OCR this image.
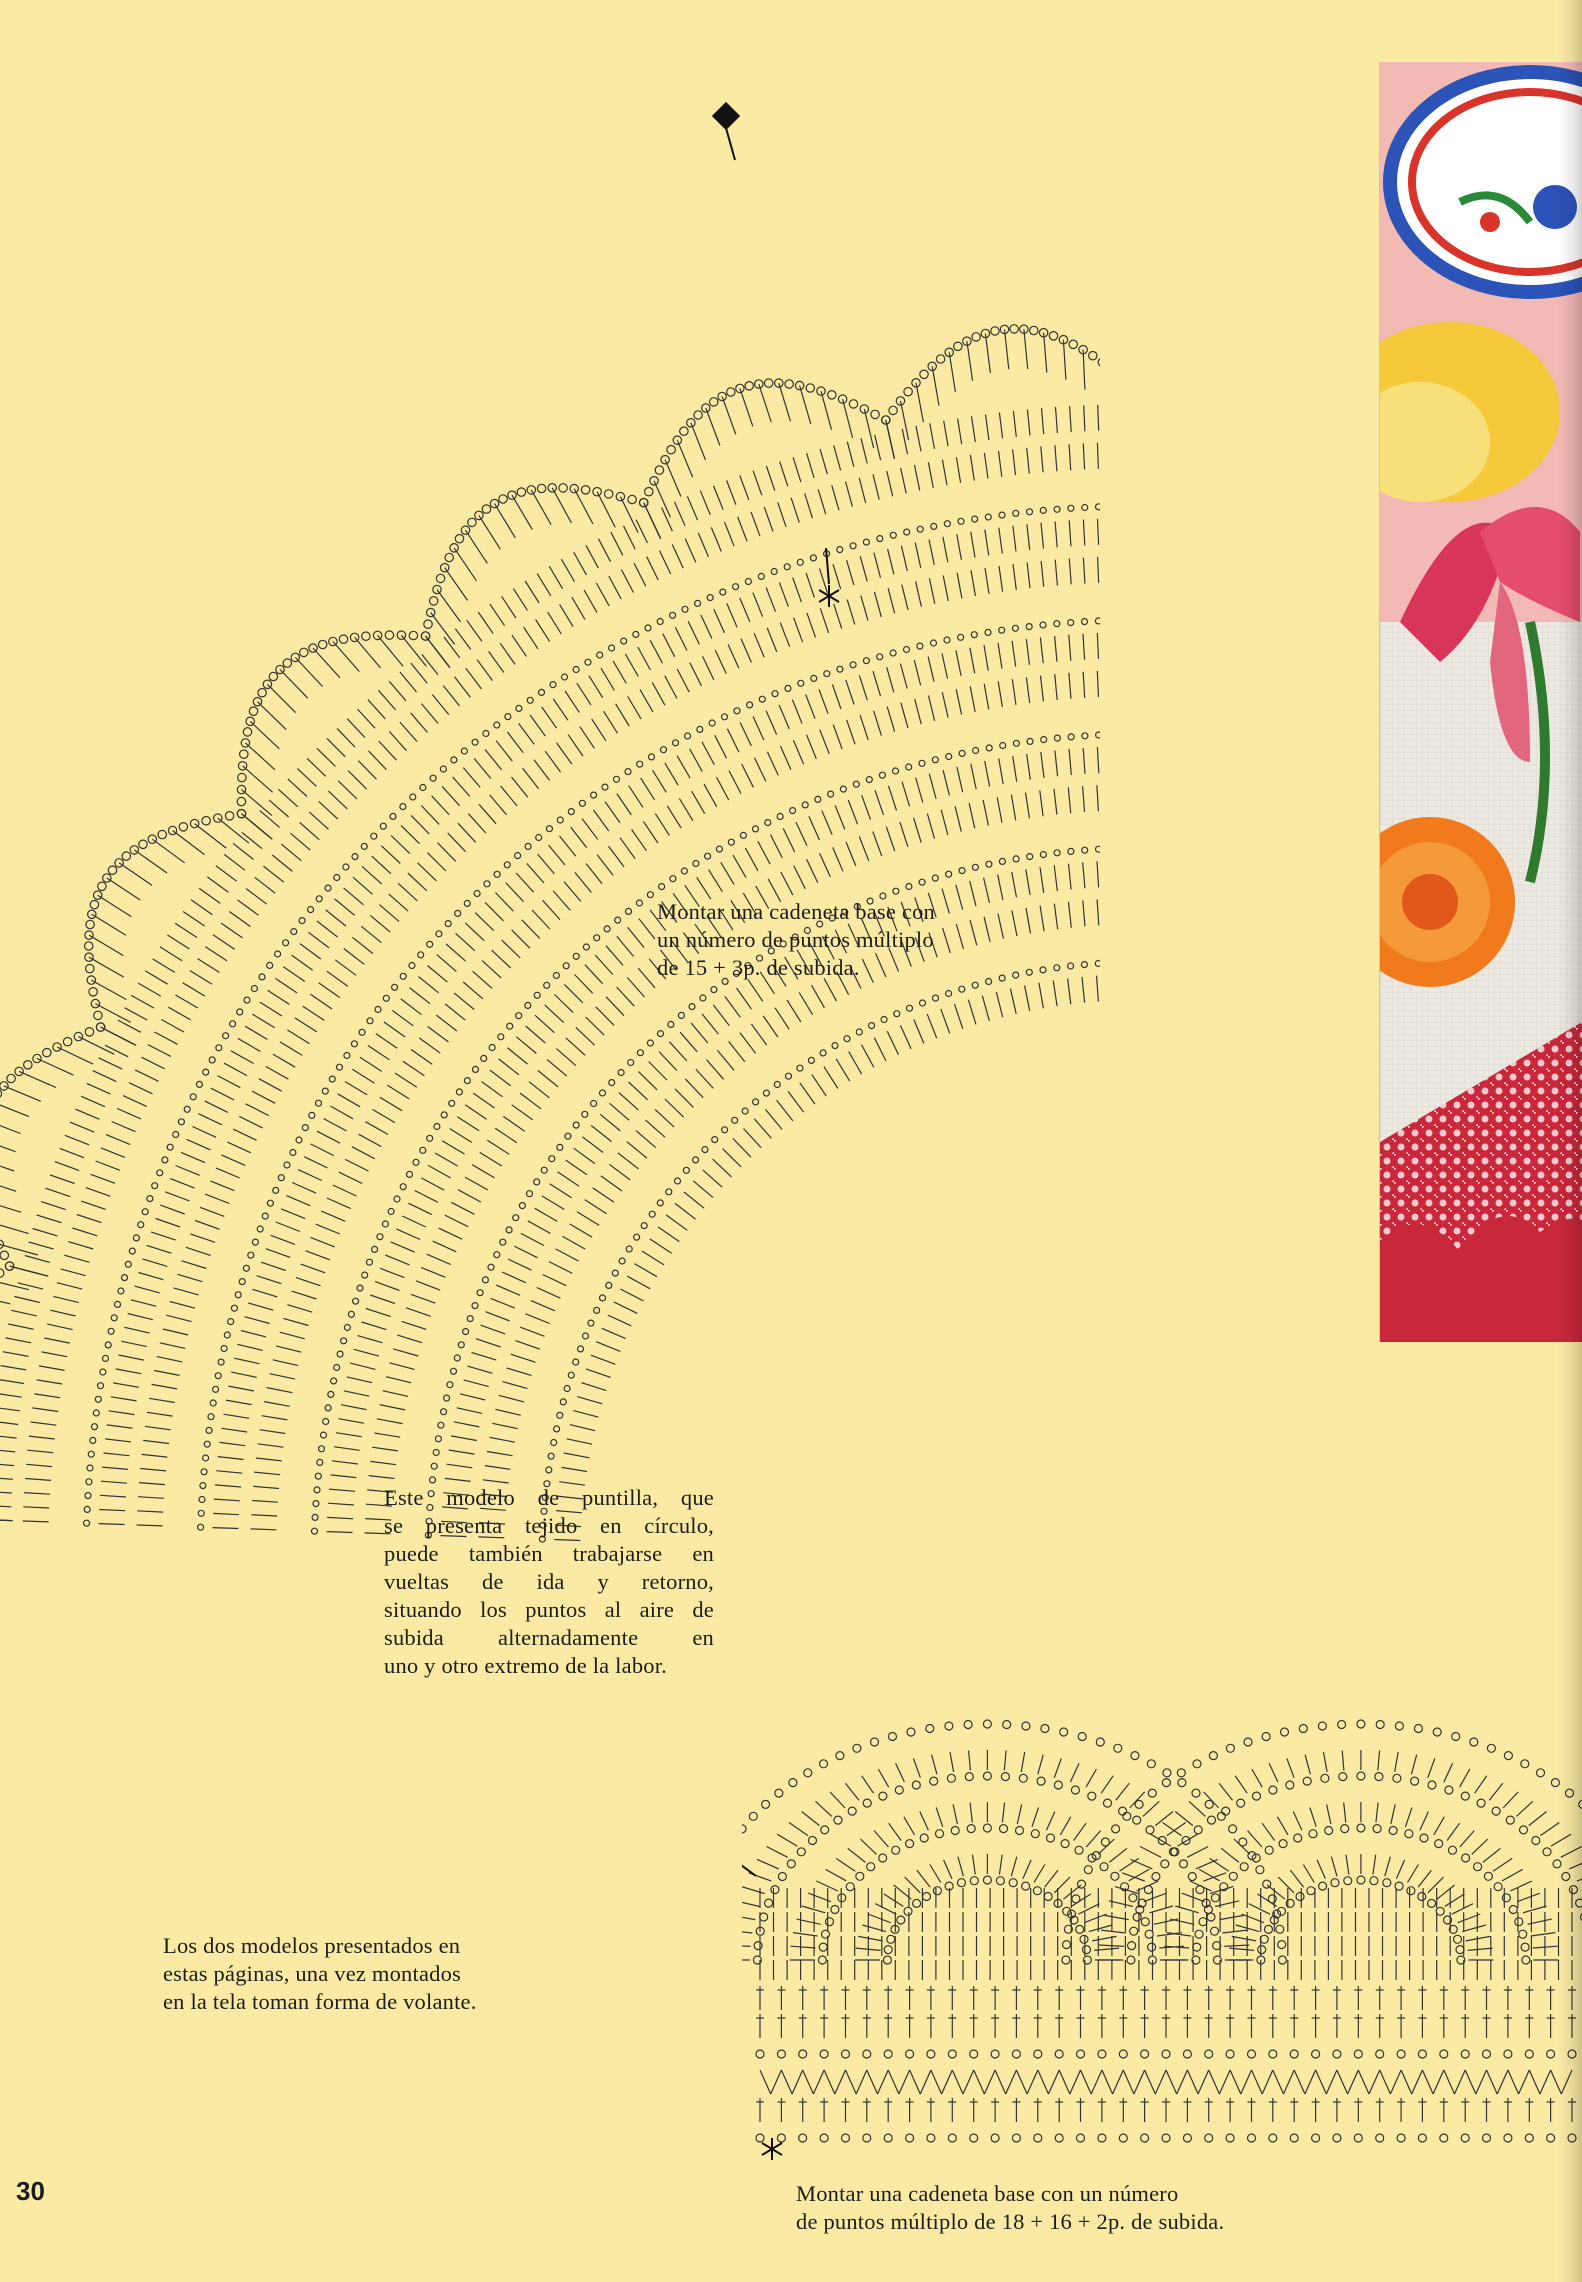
Montar una cadeneta base con
un número de puntos múltiplo
de 15 + 3p. de subida.
Este modelo de puntilla, que
se presenta tejido en círculo,
puede también trabajarse en
vueltas de ida y retorno,
situando los puntos al aire de
subida alternadamente en
uno y otro extremo de la labor.
Los dos modelos presentados en
estas páginas, una vez montados
en la tela toman forma de volante.
Montar una cadeneta base con un número
de puntos múltiplo de 18 + 16 + 2p. de subida.
30
